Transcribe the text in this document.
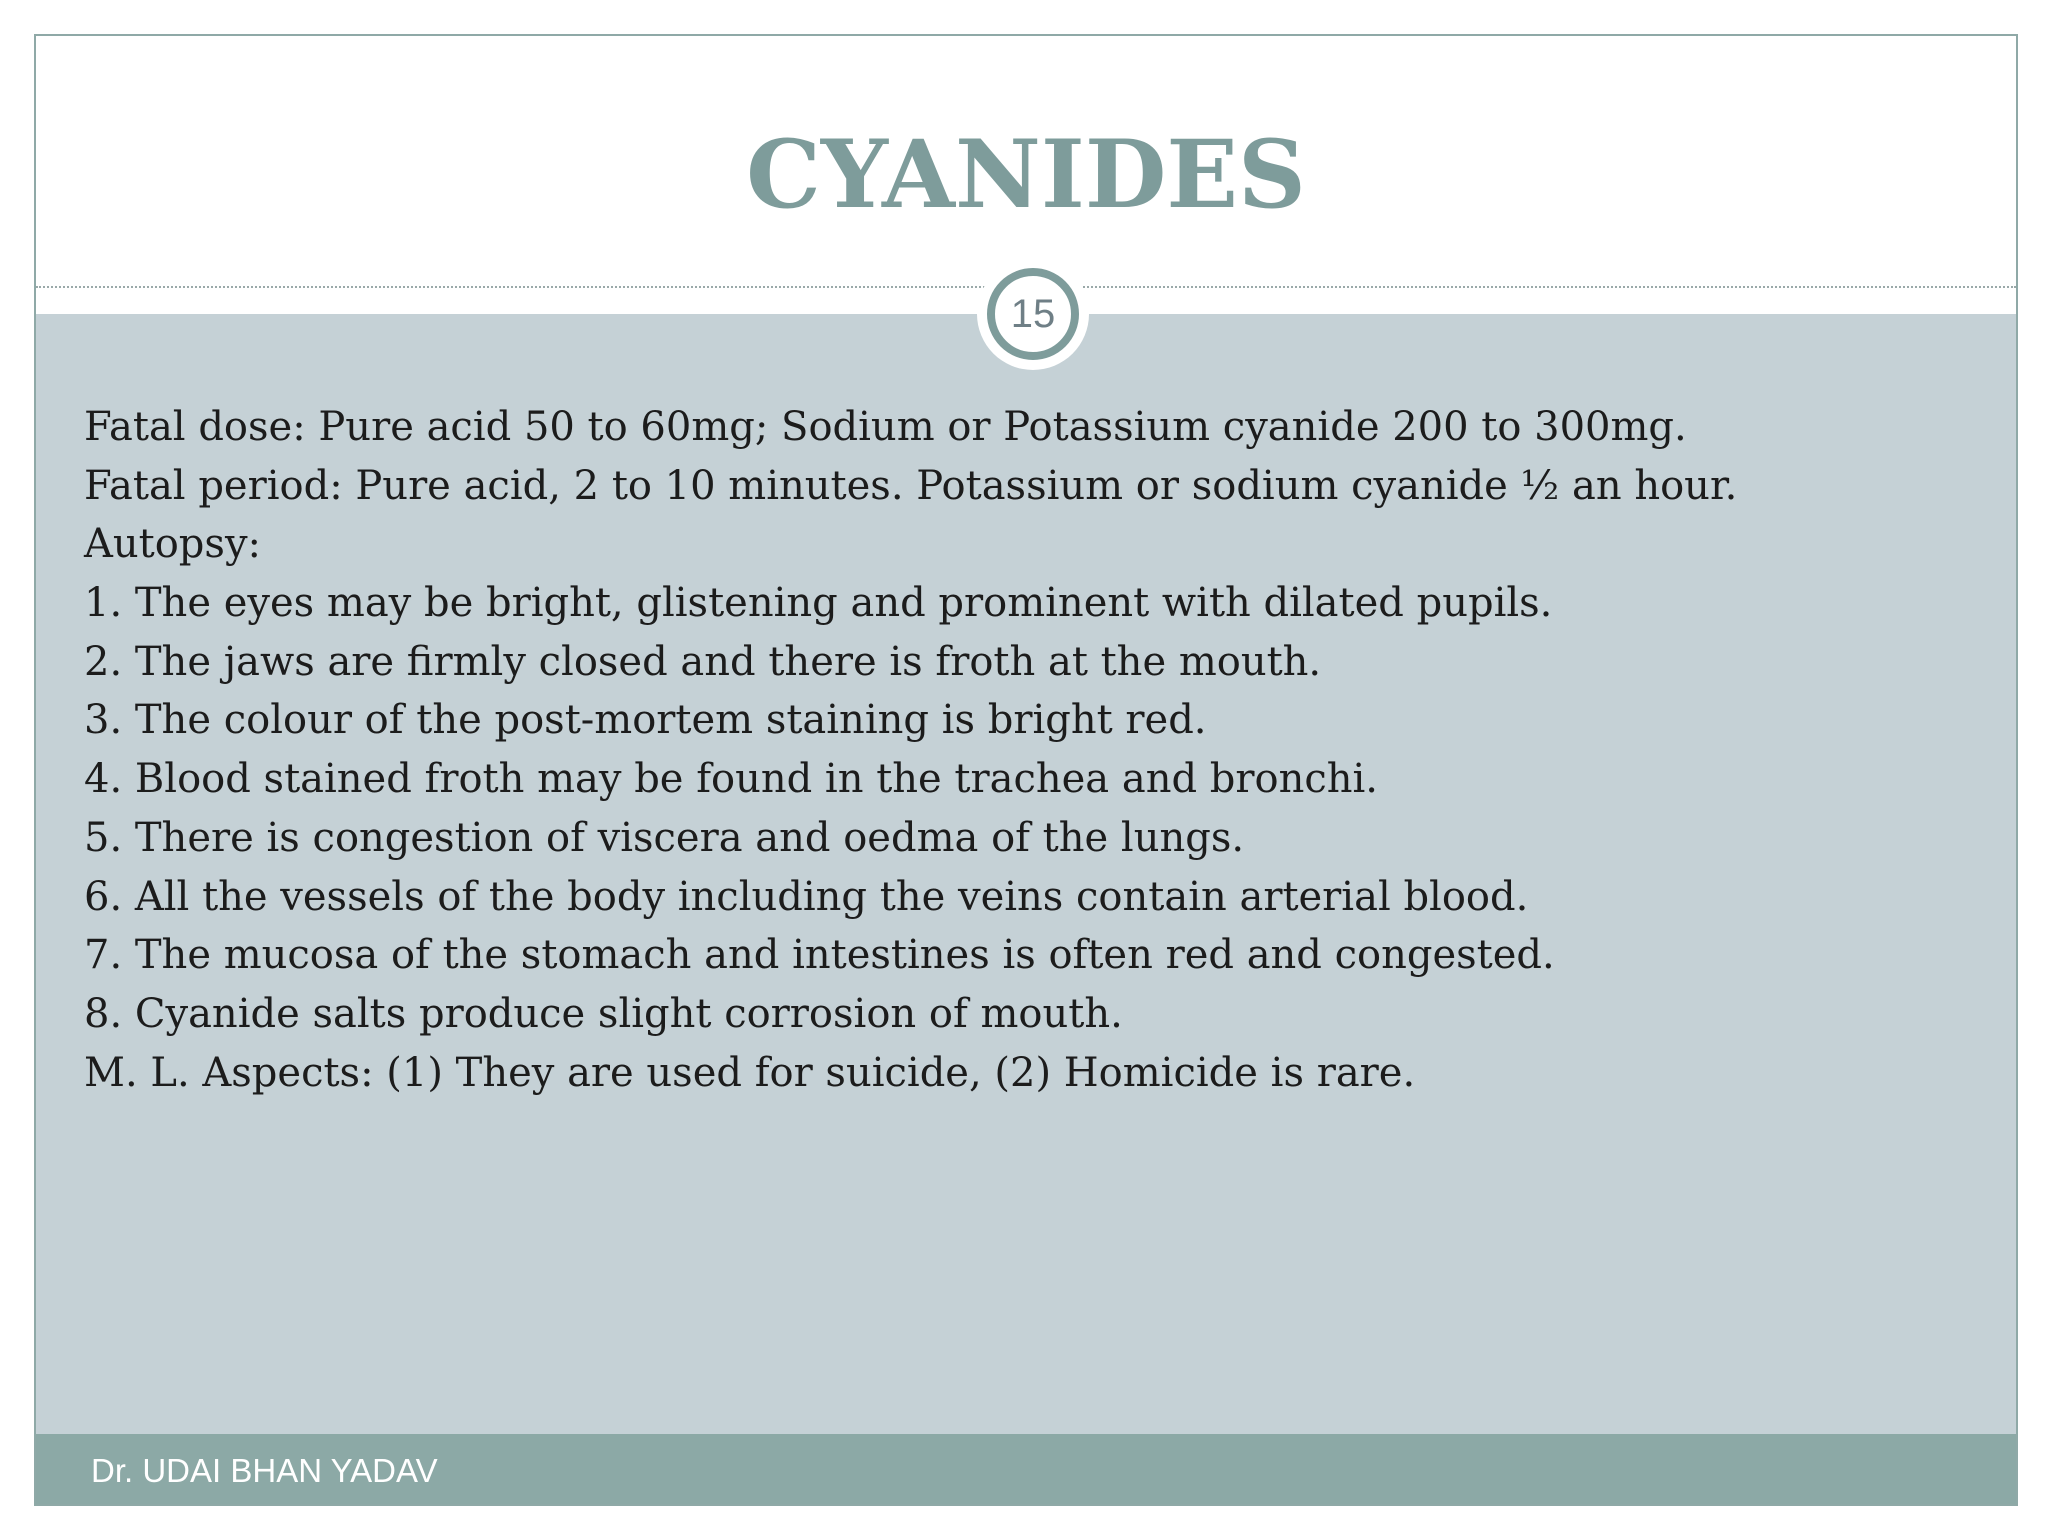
CYANIDES
15
Fatal dose: Pure acid 50 to 60mg; Sodium or Potassium cyanide 200 to 300mg.
Fatal period: Pure acid, 2 to 10 minutes. Potassium or sodium cyanide ½ an hour.
Autopsy:
1. The eyes may be bright, glistening and prominent with dilated pupils.
2. The jaws are firmly closed and there is froth at the mouth.
3. The colour of the post-mortem staining is bright red.
4. Blood stained froth may be found in the trachea and bronchi.
5. There is congestion of viscera and oedma of the lungs.
6. All the vessels of the body including the veins contain arterial blood.
7. The mucosa of the stomach and intestines is often red and congested.
8. Cyanide salts produce slight corrosion of mouth.
M. L. Aspects: (1) They are used for suicide, (2) Homicide is rare.
Dr. UDAI BHAN YADAV
